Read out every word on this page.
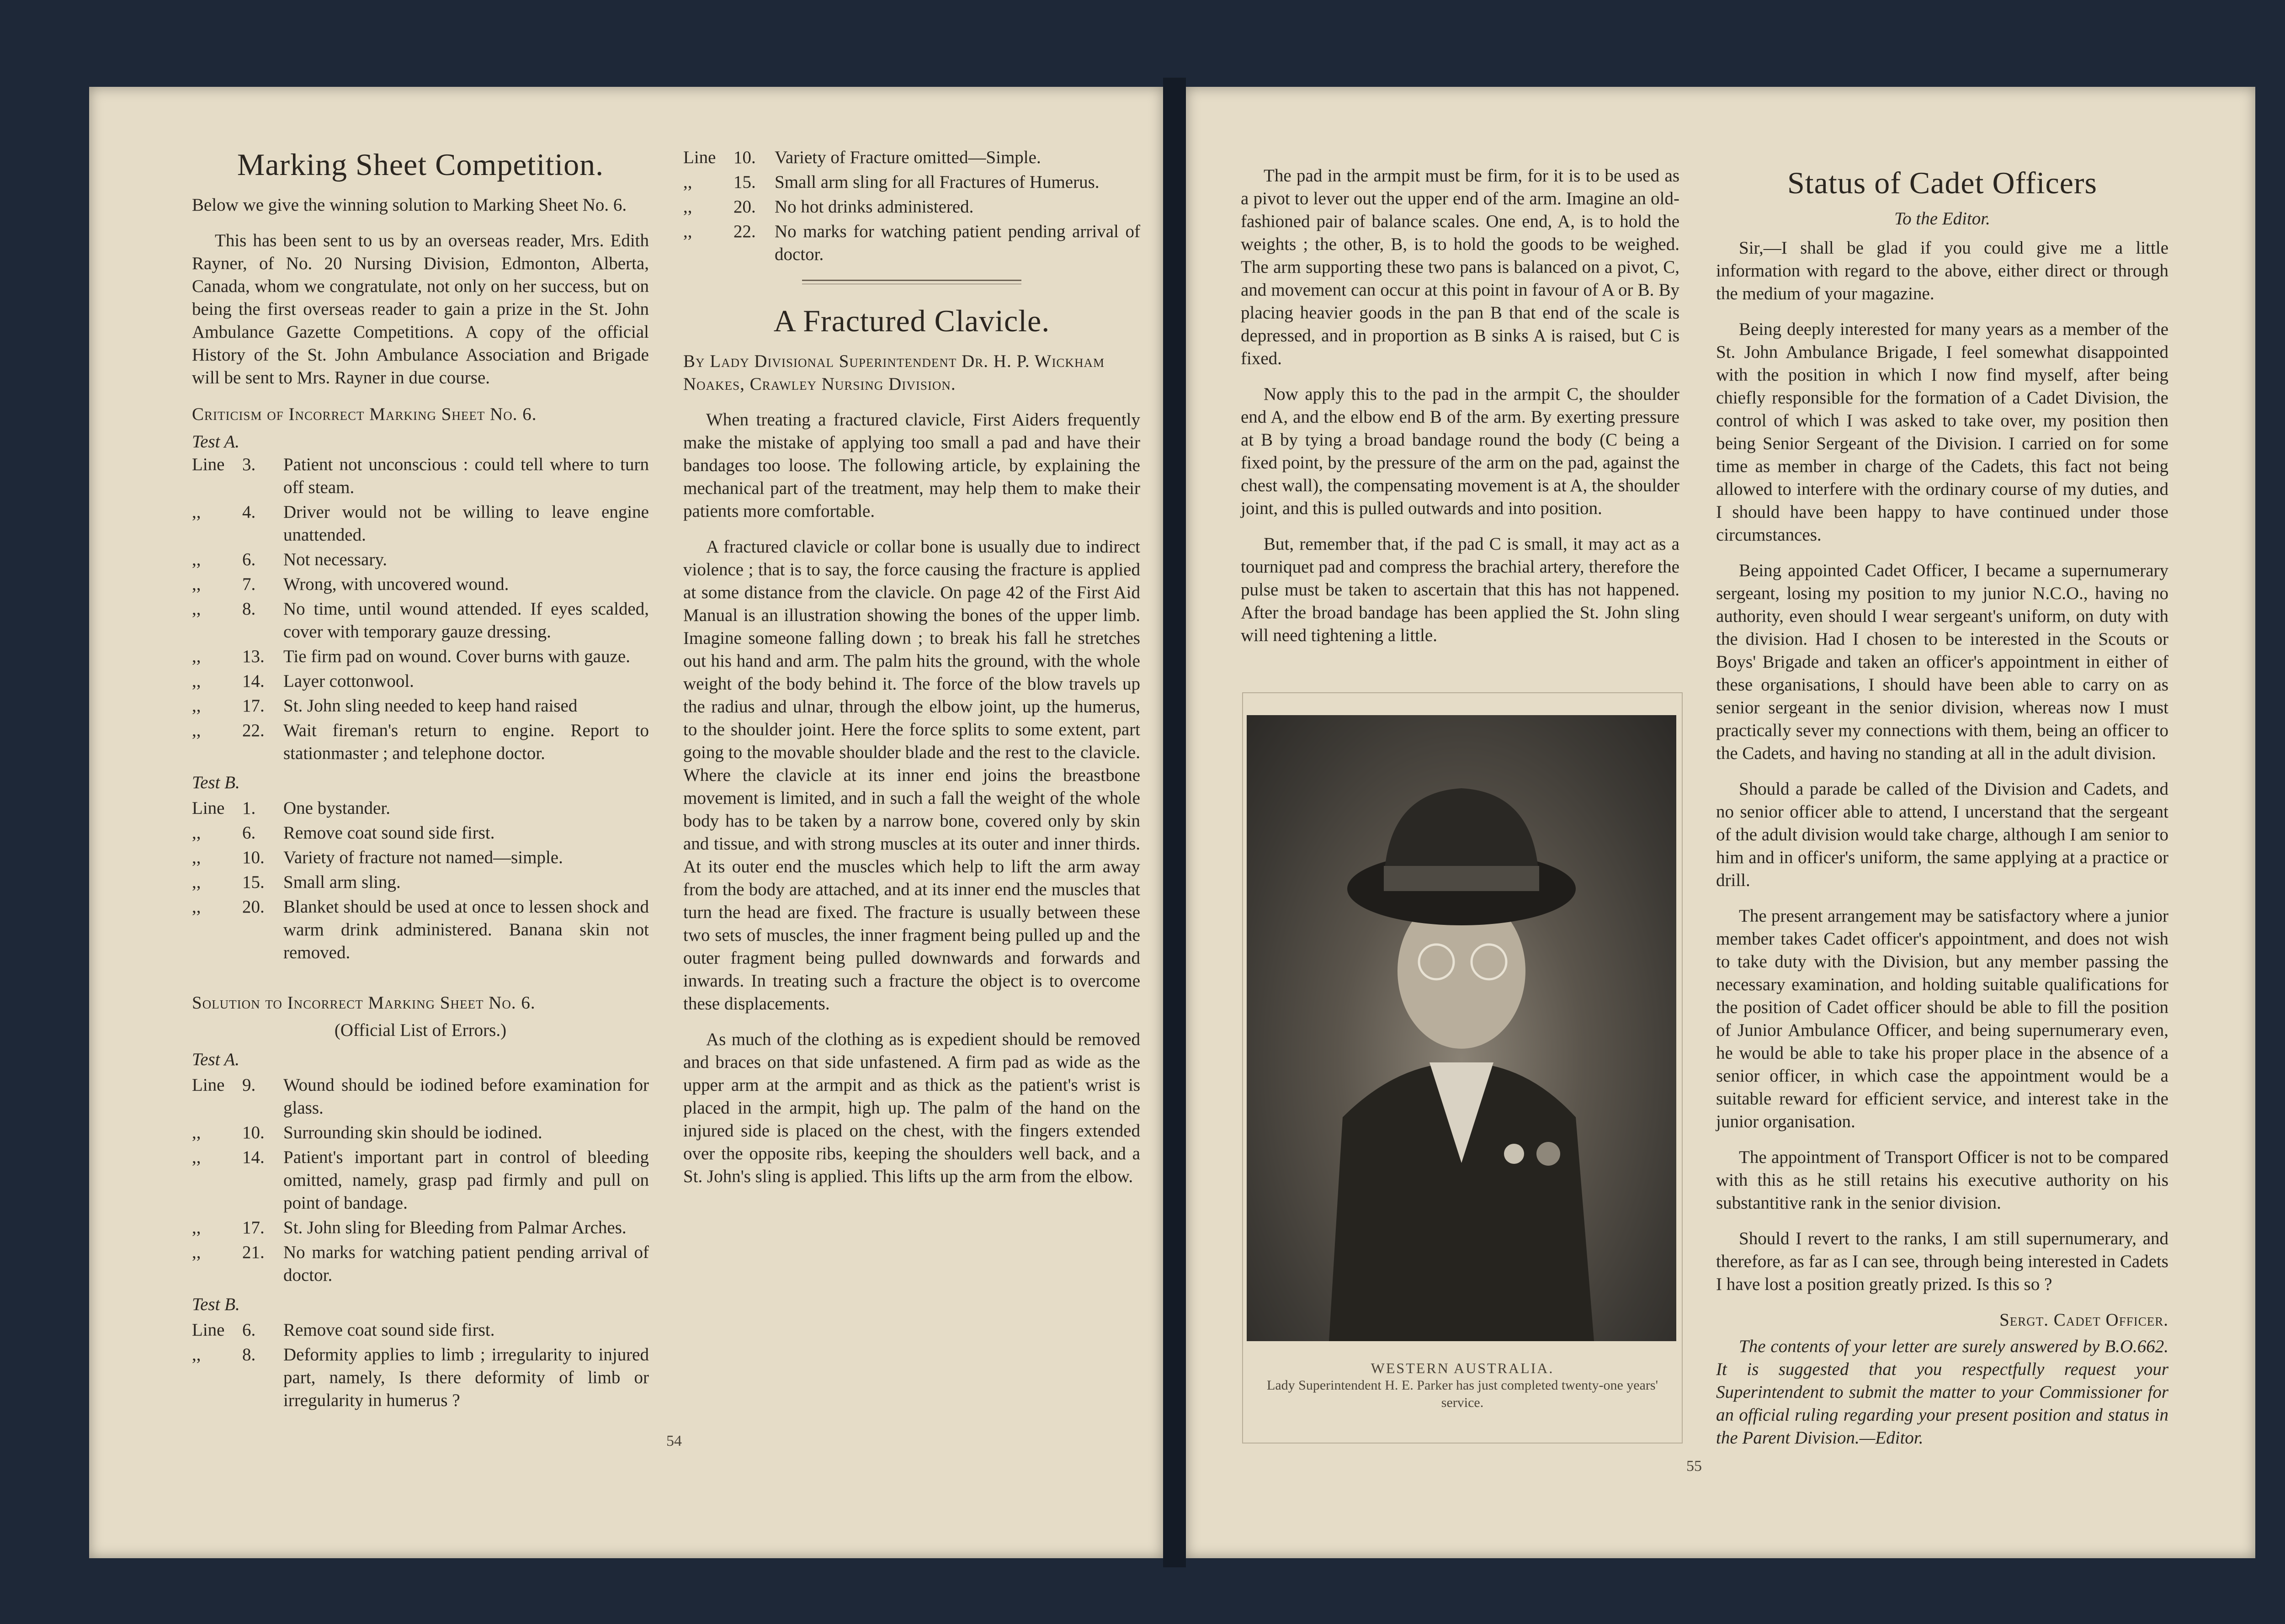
Marking Sheet Competition.

Below we give the winning solution to Marking Sheet No. 6.

This has been sent to us by an overseas reader, Mrs. Edith Rayner, of No. 20 Nursing Division, Edmonton, Alberta, Canada, whom we congratulate, not only on her success, but on being the first overseas reader to gain a prize in the St. John Ambulance Gazette Competitions. A copy of the official History of the St. John Ambulance Association and Brigade will be sent to Mrs. Rayner in due course.

Criticism of Incorrect Marking Sheet No. 6.
Test A.
Line 3.	Patient not unconscious : could tell where to turn off steam.
,,	4.	Driver would not be willing to leave engine unattended.
,,	6.	Not necessary.
,,	7.	Wrong, with uncovered wound.
,,	8.	No time, until wound attended. If eyes scalded, cover with temporary gauze dressing.
,,	13.	Tie firm pad on wound. Cover burns with gauze.
,,	14.	Layer cottonwool.
,,	17.	St. John sling needed to keep hand raised
,,	22.	Wait fireman's return to engine. Report to stationmaster ; and telephone doctor.
Test B.
Line 1.	One bystander.
,,	6.	Remove coat sound side first.
,,	10.	Variety of fracture not named—simple.
,,	15.	Small arm sling.
,,	20.	Blanket should be used at once to lessen shock and warm drink administered. Banana skin not removed.
Solution to Incorrect Marking Sheet No. 6.
(Official List of Errors.)
Test A.
Line 9.	Wound should be iodined before examination for glass.
,,	10.	Surrounding skin should be iodined.
,,	14.	Patient's important part in control of bleeding omitted, namely, grasp pad firmly and pull on point of bandage.
,,	17.	St. John sling for Bleeding from Palmar Arches.
,,	21.	No marks for watching patient pending arrival of doctor.
Test B.
Line 6.	Remove coat sound side first.
,,	8.	Deformity applies to limb ; irregularity to injured part, namely, Is there deformity of limb or irregularity in humerus ?
Line 10.	Variety of Fracture omitted—Simple.
,,	15.	Small arm sling for all Fractures of Humerus.
,,	20.	No hot drinks administered.
,,	22.	No marks for watching patient pending arrival of doctor.
A Fractured Clavicle.

By Lady Divisional Superintendent Dr. H. P. Wickham Noakes, Crawley Nursing Division.

When treating a fractured clavicle, First Aiders frequently make the mistake of applying too small a pad and have their bandages too loose. The following article, by explaining the mechanical part of the treatment, may help them to make their patients more comfortable.

A fractured clavicle or collar bone is usually due to indirect violence ; that is to say, the force causing the fracture is applied at some distance from the clavicle. On page 42 of the First Aid Manual is an illustration showing the bones of the upper limb. Imagine someone falling down ; to break his fall he stretches out his hand and arm. The palm hits the ground, with the whole weight of the body behind it. The force of the blow travels up the radius and ulnar, through the elbow joint, up the humerus, to the shoulder joint. Here the force splits to some extent, part going to the movable shoulder blade and the rest to the clavicle. Where the clavicle at its inner end joins the breastbone movement is limited, and in such a fall the weight of the whole body has to be taken by a narrow bone, covered only by skin and tissue, and with strong muscles at its outer and inner thirds. At its outer end the muscles which help to lift the arm away from the body are attached, and at its inner end the muscles that turn the head are fixed. The fracture is usually between these two sets of muscles, the inner fragment being pulled up and the outer fragment being pulled downwards and forwards and inwards. In treating such a fracture the object is to overcome these displacements.

As much of the clothing as is expedient should be removed and braces on that side unfastened. A firm pad as wide as the upper arm at the armpit and as thick as the patient's wrist is placed in the armpit, high up. The palm of the hand on the injured side is placed on the chest, with the fingers extended over the opposite ribs, keeping the shoulders well back, and a St. John's sling is applied. This lifts up the arm from the elbow.

54

The pad in the armpit must be firm, for it is to be used as a pivot to lever out the upper end of the arm. Imagine an old-fashioned pair of balance scales. One end, A, is to hold the weights ; the other, B, is to hold the goods to be weighed. The arm supporting these two pans is balanced on a pivot, C, and movement can occur at this point in favour of A or B. By placing heavier goods in the pan B that end of the scale is depressed, and in proportion as B sinks A is raised, but C is fixed.

Now apply this to the pad in the armpit C, the shoulder end A, and the elbow end B of the arm. By exerting pressure at B by tying a broad bandage round the body (C being a fixed point, by the pressure of the arm on the pad, against the chest wall), the compensating movement is at A, the shoulder joint, and this is pulled outwards and into position.

But, remember that, if the pad C is small, it may act as a tourniquet pad and compress the brachial artery, therefore the pulse must be taken to ascertain that this has not happened. After the broad bandage has been applied the St. John sling will need tightening a little.

WESTERN AUSTRALIA.
Lady Superintendent H. E. Parker has just completed twenty-one years' service.
Status of Cadet Officers
To the Editor.

Sir,—I shall be glad if you could give me a little information with regard to the above, either direct or through the medium of your magazine.

Being deeply interested for many years as a member of the St. John Ambulance Brigade, I feel somewhat disappointed with the position in which I now find myself, after being chiefly responsible for the formation of a Cadet Division, the control of which I was asked to take over, my position then being Senior Sergeant of the Division. I carried on for some time as member in charge of the Cadets, this fact not being allowed to interfere with the ordinary course of my duties, and I should have been happy to have continued under those circumstances.

Being appointed Cadet Officer, I became a supernumerary sergeant, losing my position to my junior N.C.O., having no authority, even should I wear sergeant's uniform, on duty with the division. Had I chosen to be interested in the Scouts or Boys' Brigade and taken an officer's appointment in either of these organisations, I should have been able to carry on as senior sergeant in the senior division, whereas now I must practically sever my connections with them, being an officer to the Cadets, and having no standing at all in the adult division.

Should a parade be called of the Division and Cadets, and no senior officer able to attend, I uncerstand that the sergeant of the adult division would take charge, although I am senior to him and in officer's uniform, the same applying at a practice or drill.

The present arrangement may be satisfactory where a junior member takes Cadet officer's appointment, and does not wish to take duty with the Division, but any member passing the necessary examination, and holding suitable qualifications for the position of Cadet officer should be able to fill the position of Junior Ambulance Officer, and being supernumerary even, he would be able to take his proper place in the absence of a senior officer, in which case the appointment would be a suitable reward for efficient service, and interest take in the junior organisation.

The appointment of Transport Officer is not to be compared with this as he still retains his executive authority on his substantitive rank in the senior division.

Should I revert to the ranks, I am still supernumerary, and therefore, as far as I can see, through being interested in Cadets I have lost a position greatly prized. Is this so ?

Sergt. Cadet Officer.

The contents of your letter are surely answered by B.O.662. It is suggested that you respectfully request your Superintendent to submit the matter to your Commissioner for an official ruling regarding your present position and status in the Parent Division.—Editor.

55
